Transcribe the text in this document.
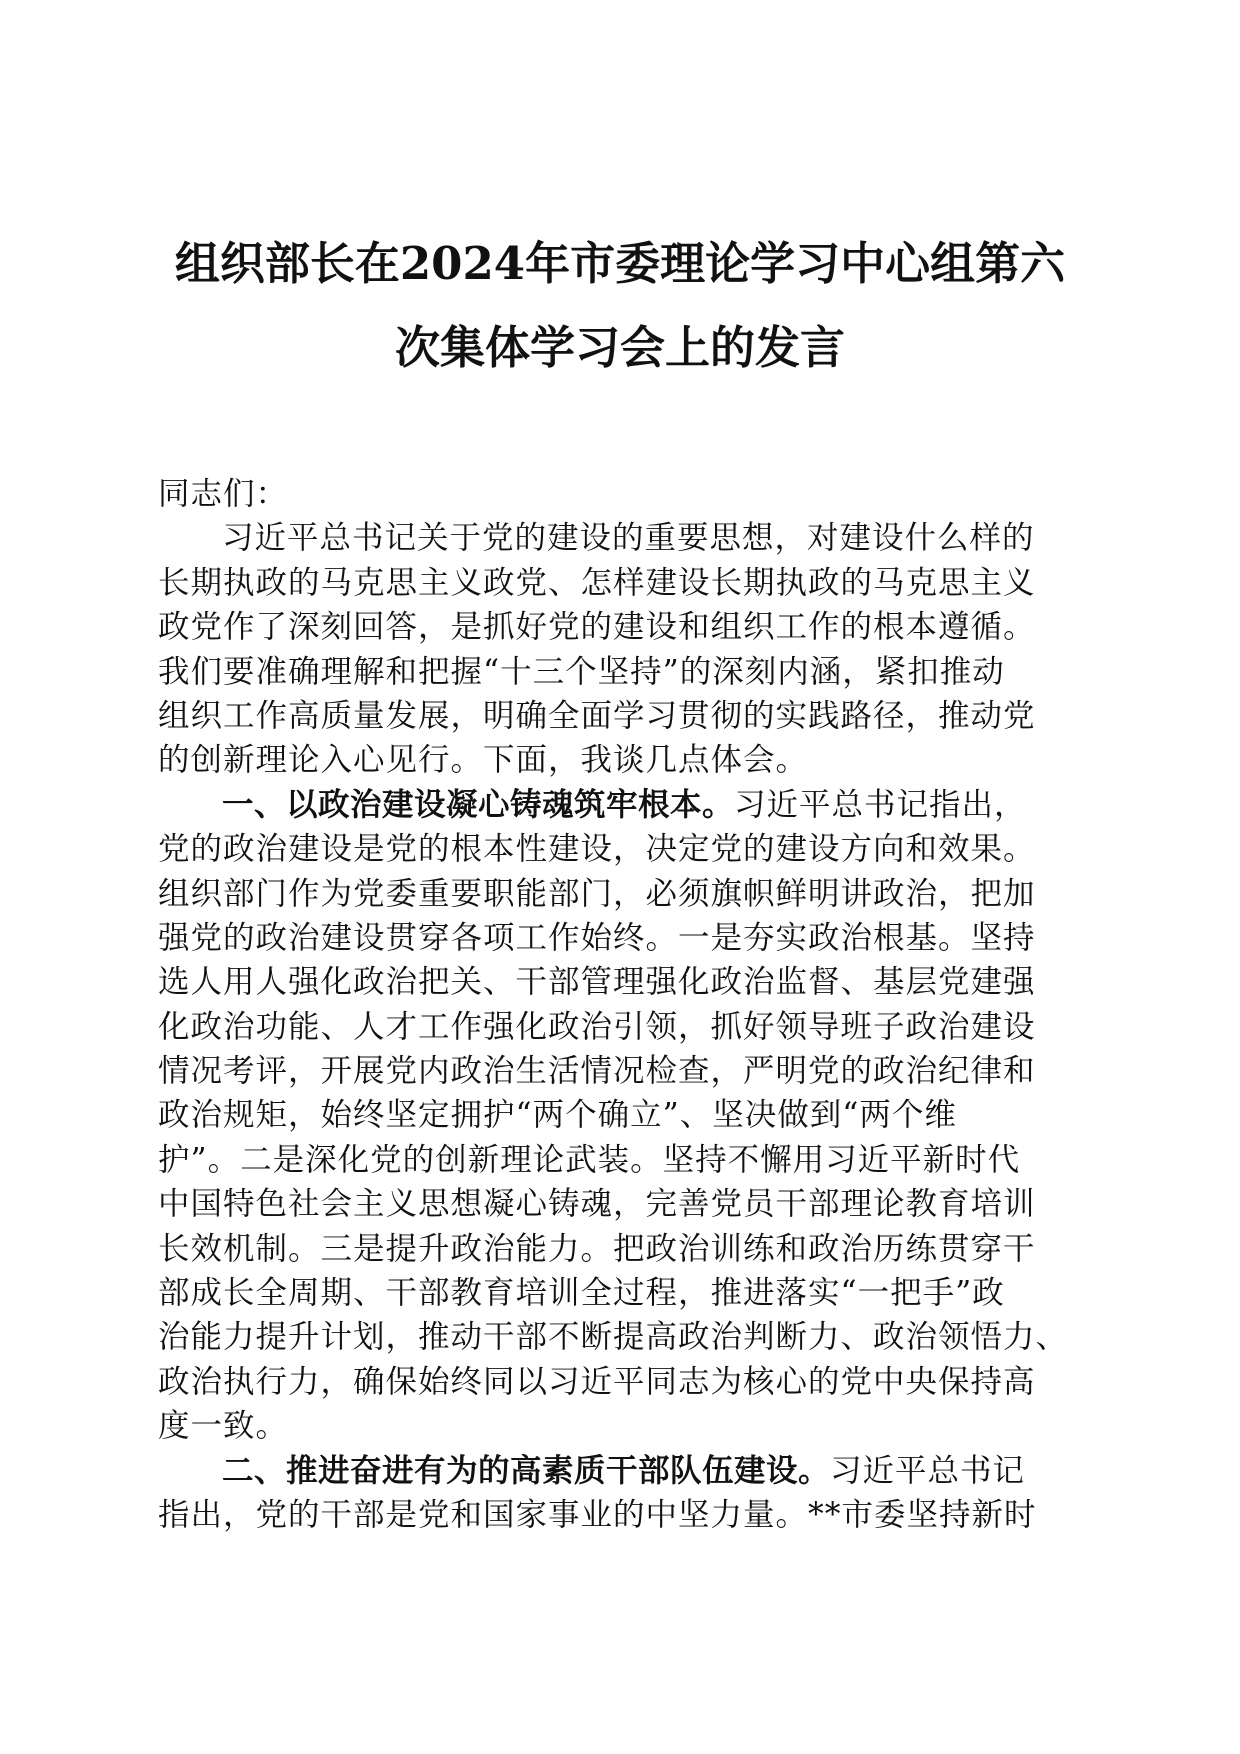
组织部长在2024年市委理论学习中心组第六
次集体学习会上的发言
同志们：
习近平总书记关于党的建设的重要思想，对建设什么样的
长期执政的马克思主义政党、怎样建设长期执政的马克思主义
政党作了深刻回答，是抓好党的建设和组织工作的根本遵循。
我们要准确理解和把握“十三个坚持”的深刻内涵，紧扣推动
组织工作高质量发展，明确全面学习贯彻的实践路径，推动党
的创新理论入心见行。下面，我谈几点体会。
一、以政治建设凝心铸魂筑牢根本。习近平总书记指出，
党的政治建设是党的根本性建设，决定党的建设方向和效果。
组织部门作为党委重要职能部门，必须旗帜鲜明讲政治，把加
强党的政治建设贯穿各项工作始终。一是夯实政治根基。坚持
选人用人强化政治把关、干部管理强化政治监督、基层党建强
化政治功能、人才工作强化政治引领，抓好领导班子政治建设
情况考评，开展党内政治生活情况检查，严明党的政治纪律和
政治规矩，始终坚定拥护“两个确立”、坚决做到“两个维
护”。二是深化党的创新理论武装。坚持不懈用习近平新时代
中国特色社会主义思想凝心铸魂，完善党员干部理论教育培训
长效机制。三是提升政治能力。把政治训练和政治历练贯穿干
部成长全周期、干部教育培训全过程，推进落实“一把手”政
治能力提升计划，推动干部不断提高政治判断力、政治领悟力、
政治执行力，确保始终同以习近平同志为核心的党中央保持高
度一致。
二、推进奋进有为的高素质干部队伍建设。习近平总书记
指出，党的干部是党和国家事业的中坚力量。**市委坚持新时
